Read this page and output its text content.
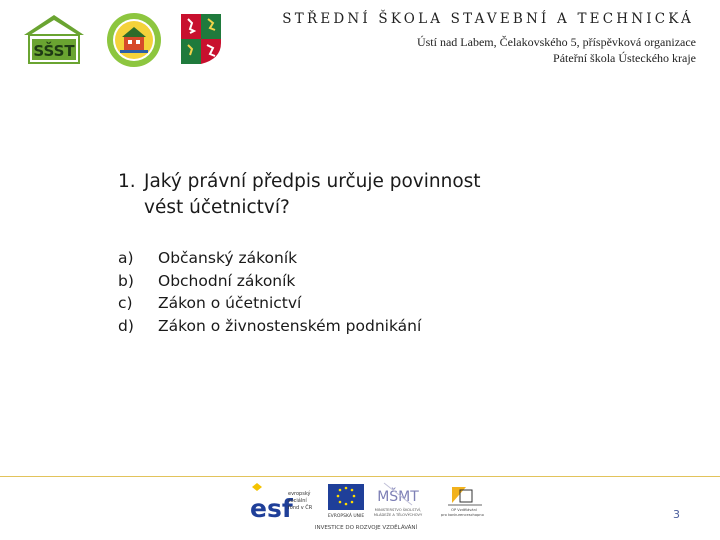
SŠST
STŘEDNÍ ŠKOLA STAVEBNÍ A TECHNICKÁ
Ústí nad Labem, Čelakovského 5, příspěvková organizace
Páteřní škola Ústeckého kraje
1. Jaký právní předpis určuje povinnost
vést účetnictví?
a)	Občanský zákoník
b)	Obchodní zákoník
c)	Zákon o účetnictví
d)	Zákon o živnostenském podnikání
esf
evropský
sociální
fond v ČR
EVROPSKÁ UNIE
MŠMT
MINISTERSTVO ŠKOLSTVÍ,
MLÁDEŽE A TĚLOVÝCHOVY
OP Vzdělávání
pro konkurenceschopnost
INVESTICE DO ROZVOJE VZDĚLÁVÁNÍ
3
